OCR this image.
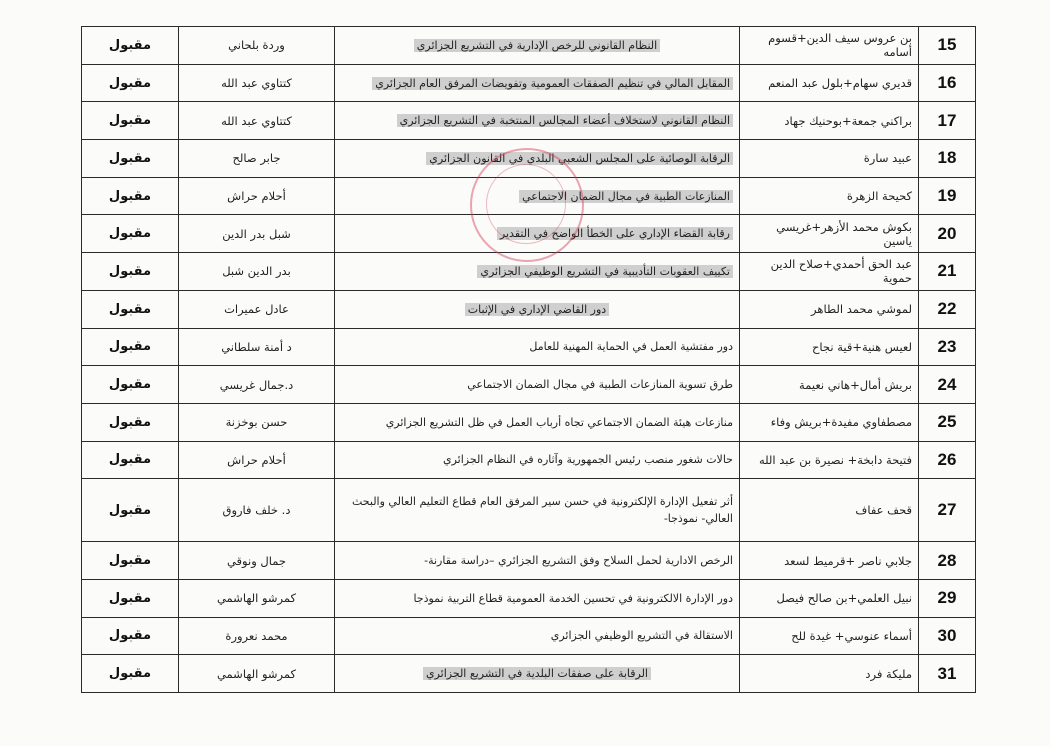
15	بن عروس سيف الدين+قسوم أسامه	النظام القانوني للرخص الإدارية في التشريع الجزائري	وردة بلحاني	مقبول
16	قديري سهام+بلول عبد المنعم	المقابل المالي في تنظيم الصفقات العمومية وتفويضات المرفق العام الجزائري	كتتاوي عبد الله	مقبول
17	براكني جمعة+بوحنيك جهاد	النظام القانوني لاستخلاف أعضاء المجالس المنتخبة في التشريع الجزائري	كتتاوي عبد الله	مقبول
18	عبيد سارة	الرقابة الوصائية على المجلس الشعبي البلدي في القانون الجزائري	جابر صالح	مقبول
19	كحيحة الزهرة	المنازعات الطبية في مجال الضمان الاجتماعي	أحلام حراش	مقبول
20	بكوش محمد الأزهر+غريسي ياسين	رقابة القضاء الإداري على الخطأ الواضح في التقدير	شبل بدر الدين	مقبول
21	عبد الحق أحمدي+صلاح الدين حموية	تكييف العقوبات التأديبية في التشريع الوظيفي الجزائري	بدر الدين شبل	مقبول
22	لموشي محمد الطاهر	دور القاضي الإداري في الإثبات	عادل عميرات	مقبول
23	لعيس هنية+قية نجاح	دور مفتشية العمل في الحماية المهنية للعامل	د أمنة سلطاني	مقبول
24	بريش أمال+هاني نعيمة	طرق تسوية المنازعات الطبية في مجال الضمان الاجتماعي	د.جمال غريسي	مقبول
25	مصطفاوي مفيدة+بريش وفاء	منازعات هيئة الضمان الاجتماعي تجاه أرباب العمل في ظل التشريع الجزائري	حسن بوخزنة	مقبول
26	فتيحة دابخة+ نصيرة بن عبد الله	حالات شغور منصب رئيس الجمهورية وآثاره في النظام الجزائري	أحلام حراش	مقبول
27	قحف عفاف	أثر تفعيل الإدارة الإلكترونية في حسن سير المرفق العام قطاع التعليم العالي والبحث العالي- نموذجا-	د. خلف فاروق	مقبول
28	جلابي ناصر +قرميط لسعد	الرخص الادارية لحمل السلاح وفق التشريع الجزائري –دراسة مقارنة-	جمال ونوقي	مقبول
29	نبيل العلمي+بن صالح فيصل	دور الإدارة الالكترونية في تحسين الخدمة العمومية قطاع التربية نموذجا	كمرشو الهاشمي	مقبول
30	أسماء عنوسي+ غيدة للح	الاستقالة في التشريع الوظيفي الجزائري	محمد نعرورة	مقبول
31	مليكة فرد	الرقابة على صفقات البلدية في التشريع الجزائري	كمرشو الهاشمي	مقبول
